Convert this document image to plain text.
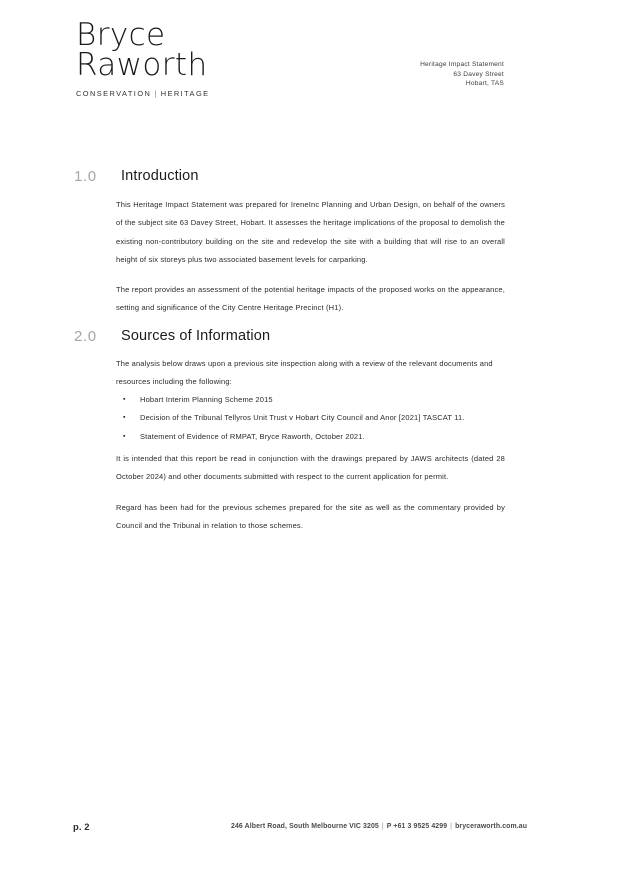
Bryce
Raworth
CONSERVATION | HERITAGE
Heritage Impact Statement
63 Davey Street
Hobart, TAS
1.0 Introduction

This Heritage Impact Statement was prepared for IreneInc Planning and Urban Design, on behalf of the owners of the subject site 63 Davey Street, Hobart. It assesses the heritage implications of the proposal to demolish the existing non-contributory building on the site and redevelop the site with a building that will rise to an overall height of six storeys plus two associated basement levels for carparking.

The report provides an assessment of the potential heritage impacts of the proposed works on the appearance, setting and significance of the City Centre Heritage Precinct (H1).

2.0 Sources of Information

The analysis below draws upon a previous site inspection along with a review of the relevant documents and resources including the following:

▪ Hobart Interim Planning Scheme 2015
▪ Decision of the Tribunal Tellyros Unit Trust v Hobart City Council and Anor [2021] TASCAT 11.
▪ Statement of Evidence of RMPAT, Bryce Raworth, October 2021.

It is intended that this report be read in conjunction with the drawings prepared by JAWS architects (dated 28 October 2024) and other documents submitted with respect to the current application for permit.

Regard has been had for the previous schemes prepared for the site as well as the commentary provided by Council and the Tribunal in relation to those schemes.

p. 2	246 Albert Road, South Melbourne VIC 3205 | P +61 3 9525 4299 | bryceraworth.com.au
